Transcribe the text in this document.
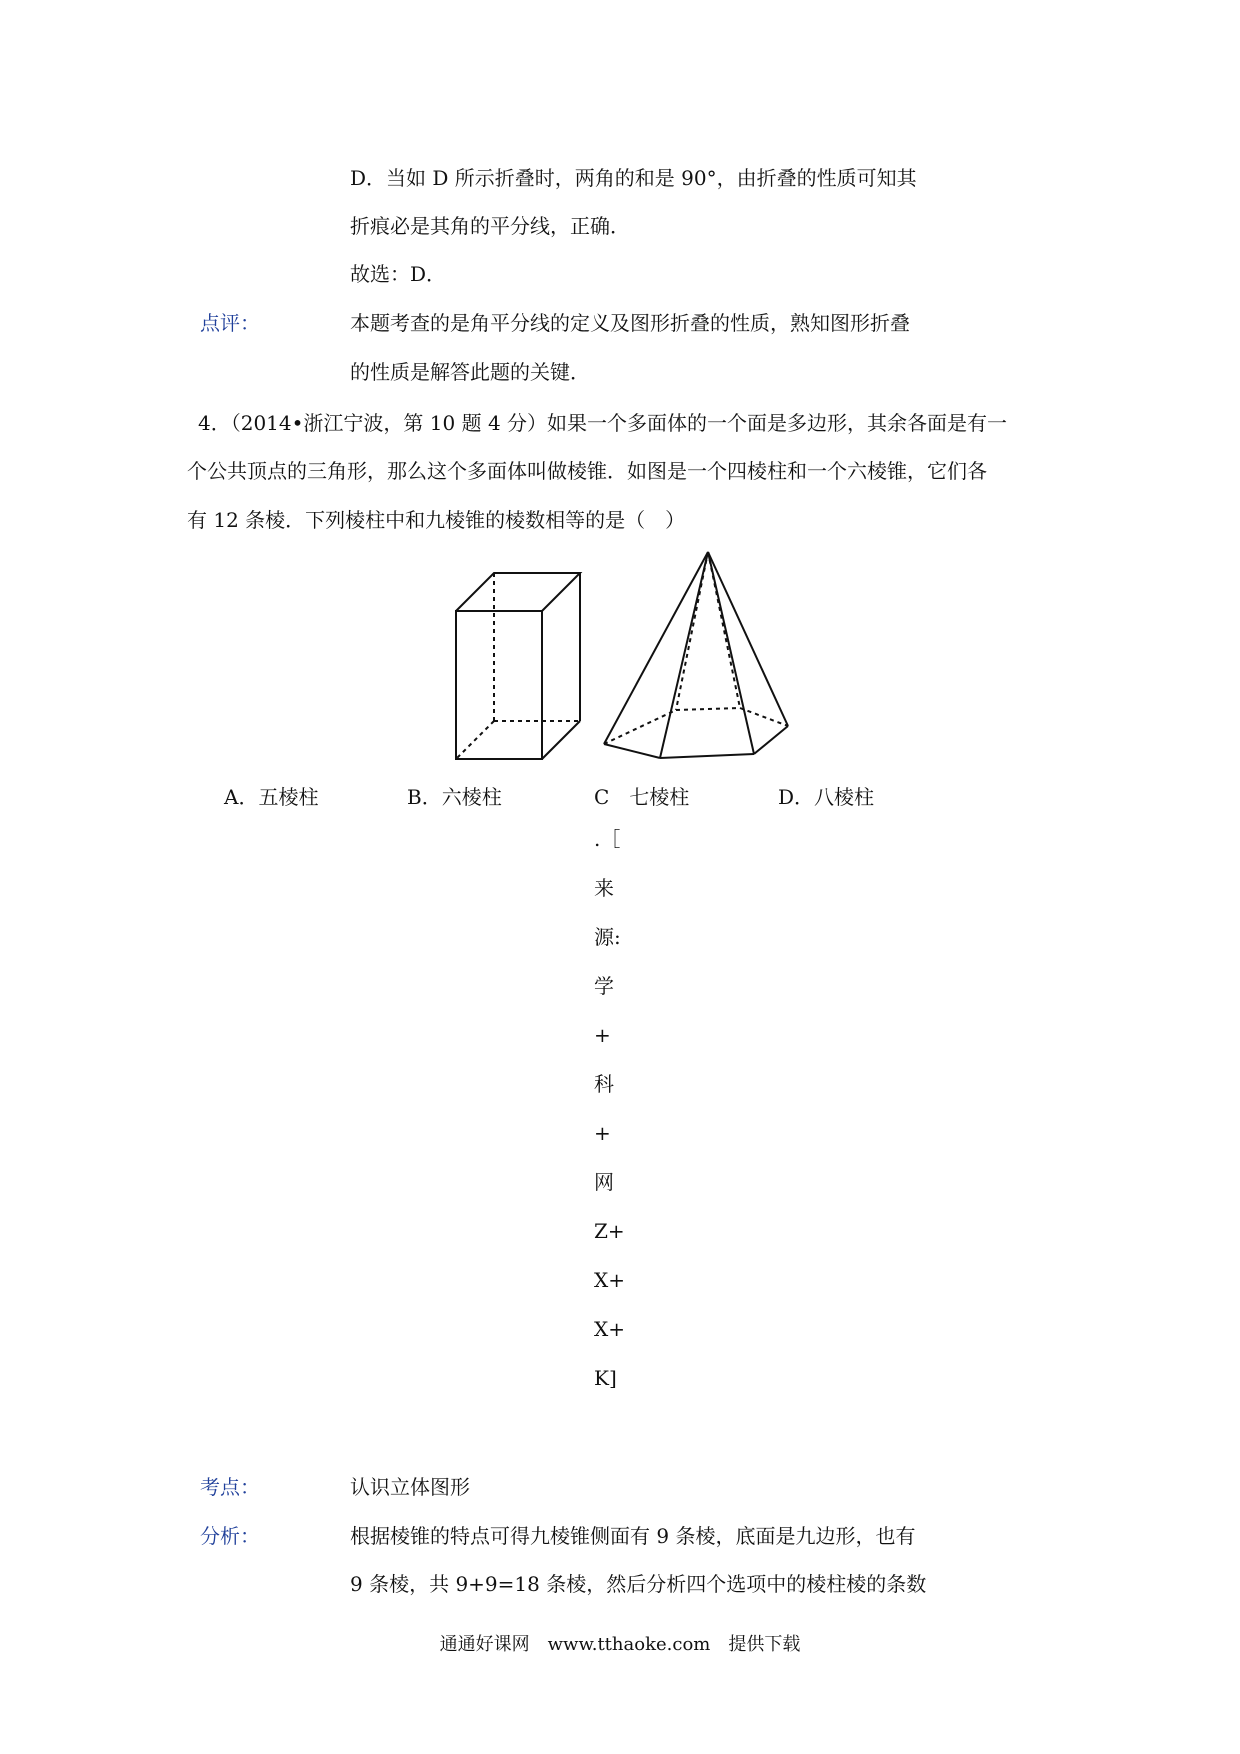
D．当如 D 所示折叠时，两角的和是 90°，由折叠的性质可知其
折痕必是其角的平分线，正确．
故选：D．
点评：	本题考查的是角平分线的定义及图形折叠的性质，熟知图形折叠
的性质是解答此题的关键．
4．（2014•浙江宁波，第 10 题 4 分）如果一个多面体的一个面是多边形，其余各面是有一
个公共顶点的三角形，那么这个多面体叫做棱锥．如图是一个四棱柱和一个六棱锥，它们各
有 12 条棱．下列棱柱中和九棱锥的棱数相等的是（　）
A．五棱柱	B．六棱柱	C　七棱柱	D．八棱柱
.［
来
源:
学
+
科
+
网
Z+
X+
X+
K]
考点：	认识立体图形
分析：	根据棱锥的特点可得九棱锥侧面有 9 条棱，底面是九边形，也有
9 条棱，共 9+9=18 条棱，然后分析四个选项中的棱柱棱的条数
通通好课网　www.tthaoke.com　提供下载
